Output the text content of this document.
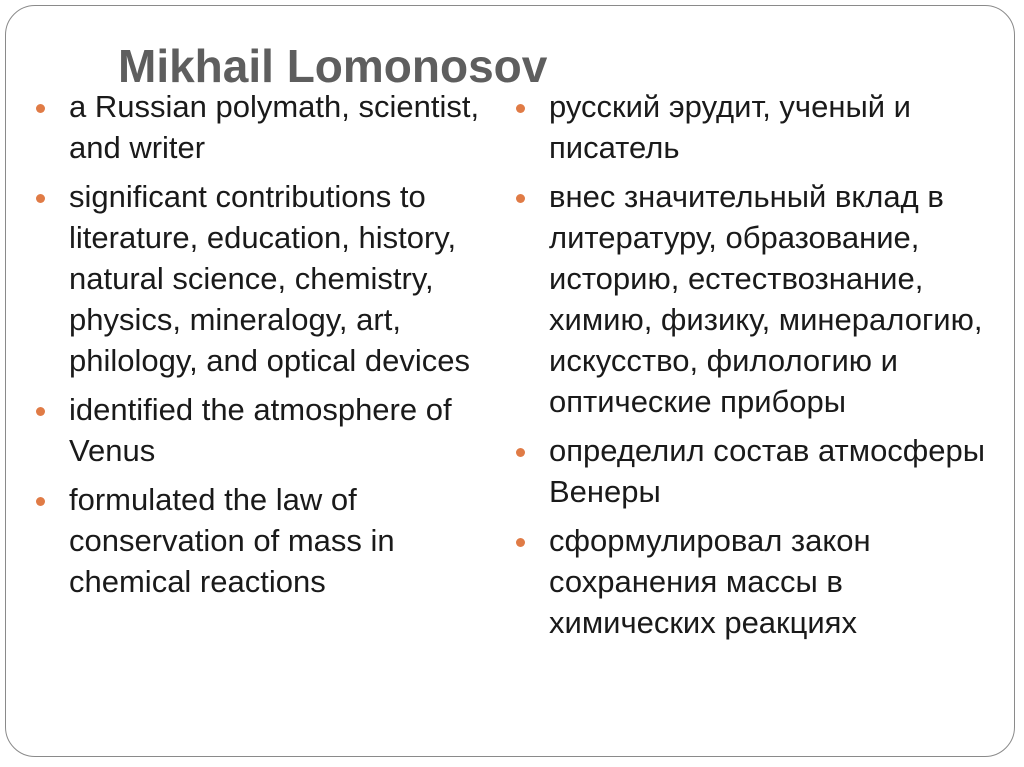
Mikhail Lomonosov
a Russian polymath, scientist, and writer
significant contributions to literature, education, history, natural science, chemistry, physics, mineralogy, art, philology, and optical devices
identified the atmosphere of Venus
formulated the law of conservation of mass in chemical reactions
русский эрудит, ученый и писатель
внес значительный вклад в литературу, образование, историю, естествознание, химию, физику, минералогию, искусство, филологию и оптические приборы
определил состав атмосферы Венеры
сформулировал закон сохранения массы в химических реакциях
